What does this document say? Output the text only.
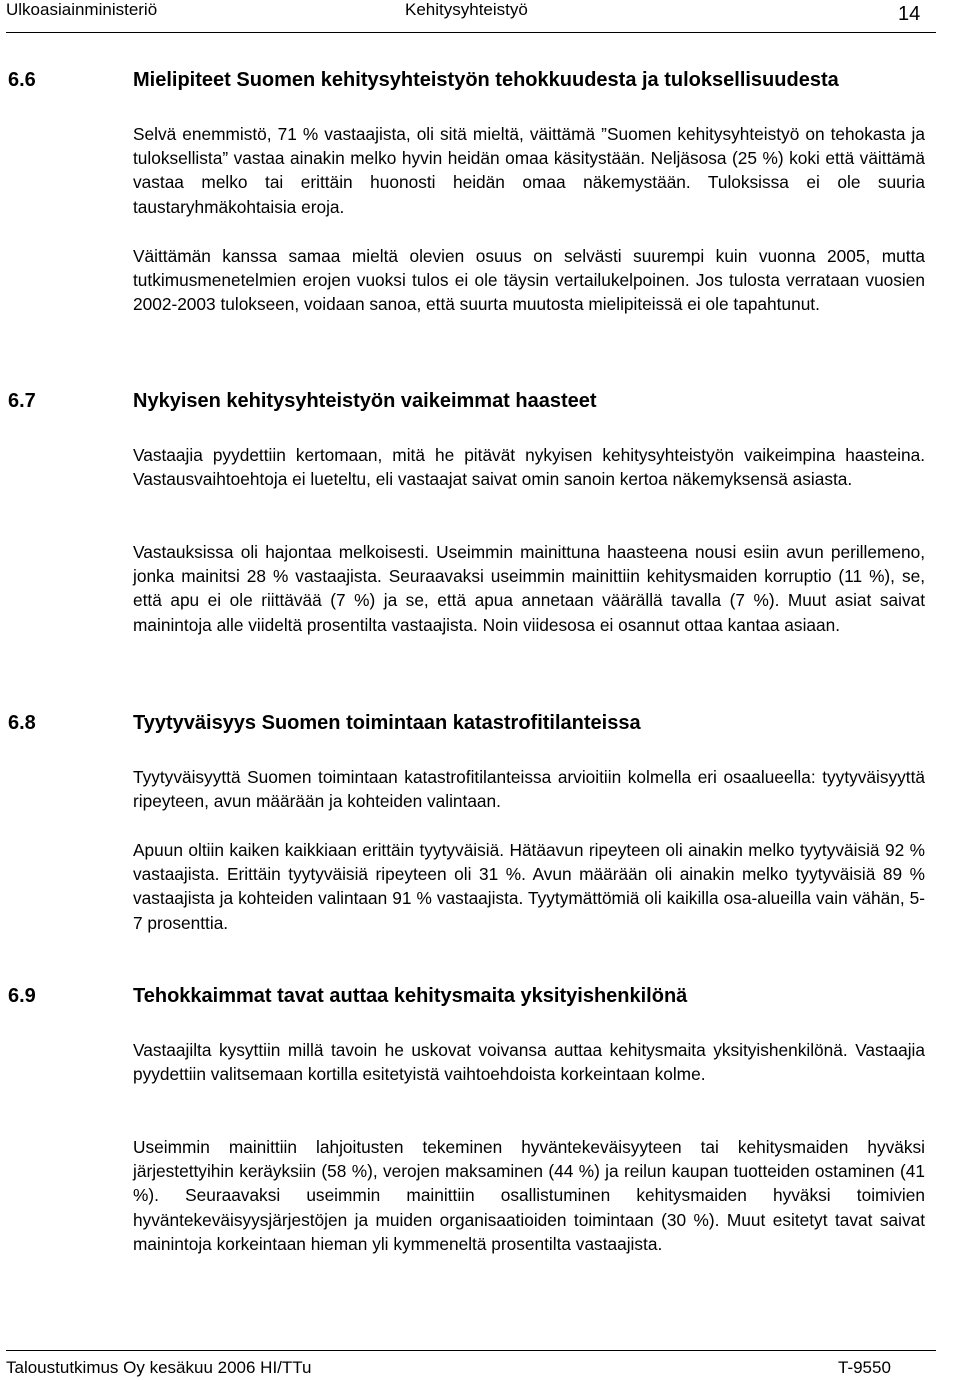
Ulkoasiainministeriö	Kehitysyhteistyö	14
6.6	Mielipiteet Suomen kehitysyhteistyön tehokkuudesta ja tuloksellisuudesta

Selvä enemmistö, 71 % vastaajista, oli sitä mieltä, väittämä ”Suomen kehitysyhteistyö on tehokasta ja tuloksellista” vastaa ainakin melko hyvin heidän omaa käsitystään. Neljäsosa (25 %) koki että väittämä vastaa melko tai erittäin huonosti heidän omaa näkemystään. Tuloksissa ei ole suuria taustaryhmäkohtaisia eroja.

Väittämän kanssa samaa mieltä olevien osuus on selvästi suurempi kuin vuonna 2005, mutta tutkimusmenetelmien erojen vuoksi tulos ei ole täysin vertailukelpoinen. Jos tulosta verrataan vuosien 2002-2003 tulokseen, voidaan sanoa, että suurta muutosta mielipiteissä ei ole tapahtunut.

6.7	Nykyisen kehitysyhteistyön vaikeimmat haasteet

Vastaajia pyydettiin kertomaan, mitä he pitävät nykyisen kehitysyhteistyön vaikeimpina haasteina. Vastausvaihtoehtoja ei lueteltu, eli vastaajat saivat omin sanoin kertoa näkemyksensä asiasta.

Vastauksissa oli hajontaa melkoisesti. Useimmin mainittuna haasteena nousi esiin avun perillemeno, jonka mainitsi 28 % vastaajista. Seuraavaksi useimmin mainittiin kehitysmaiden korruptio (11 %), se, että apu ei ole riittävää (7 %) ja se, että apua annetaan väärällä tavalla (7 %). Muut asiat saivat mainintoja alle viideltä prosentilta vastaajista. Noin viidesosa ei osannut ottaa kantaa asiaan.

6.8	Tyytyväisyys Suomen toimintaan katastrofitilanteissa

Tyytyväisyyttä Suomen toimintaan katastrofitilanteissa arvioitiin kolmella eri osaalueella: tyytyväisyyttä ripeyteen, avun määrään ja kohteiden valintaan.

Apuun oltiin kaiken kaikkiaan erittäin tyytyväisiä. Hätäavun ripeyteen oli ainakin melko tyytyväisiä 92 % vastaajista. Erittäin tyytyväisiä ripeyteen oli 31 %. Avun määrään oli ainakin melko tyytyväisiä 89 % vastaajista ja kohteiden valintaan 91 % vastaajista. Tyytymättömiä oli kaikilla osa-alueilla vain vähän, 5-7 prosenttia.

6.9	Tehokkaimmat tavat auttaa kehitysmaita yksityishenkilönä

Vastaajilta kysyttiin millä tavoin he uskovat voivansa auttaa kehitysmaita yksityishenkilönä. Vastaajia pyydettiin valitsemaan kortilla esitetyistä vaihtoehdoista korkeintaan kolme.

Useimmin mainittiin lahjoitusten tekeminen hyväntekeväisyyteen tai kehitysmaiden hyväksi järjestettyihin keräyksiin (58 %), verojen maksaminen (44 %) ja reilun kaupan tuotteiden ostaminen (41 %). Seuraavaksi useimmin mainittiin osallistuminen kehitysmaiden hyväksi toimivien hyväntekeväisyysjärjestöjen ja muiden organisaatioiden toimintaan (30 %). Muut esitetyt tavat saivat mainintoja korkeintaan hieman yli kymmeneltä prosentilta vastaajista.

Taloustutkimus Oy kesäkuu 2006 HI/TTu	T-9550
